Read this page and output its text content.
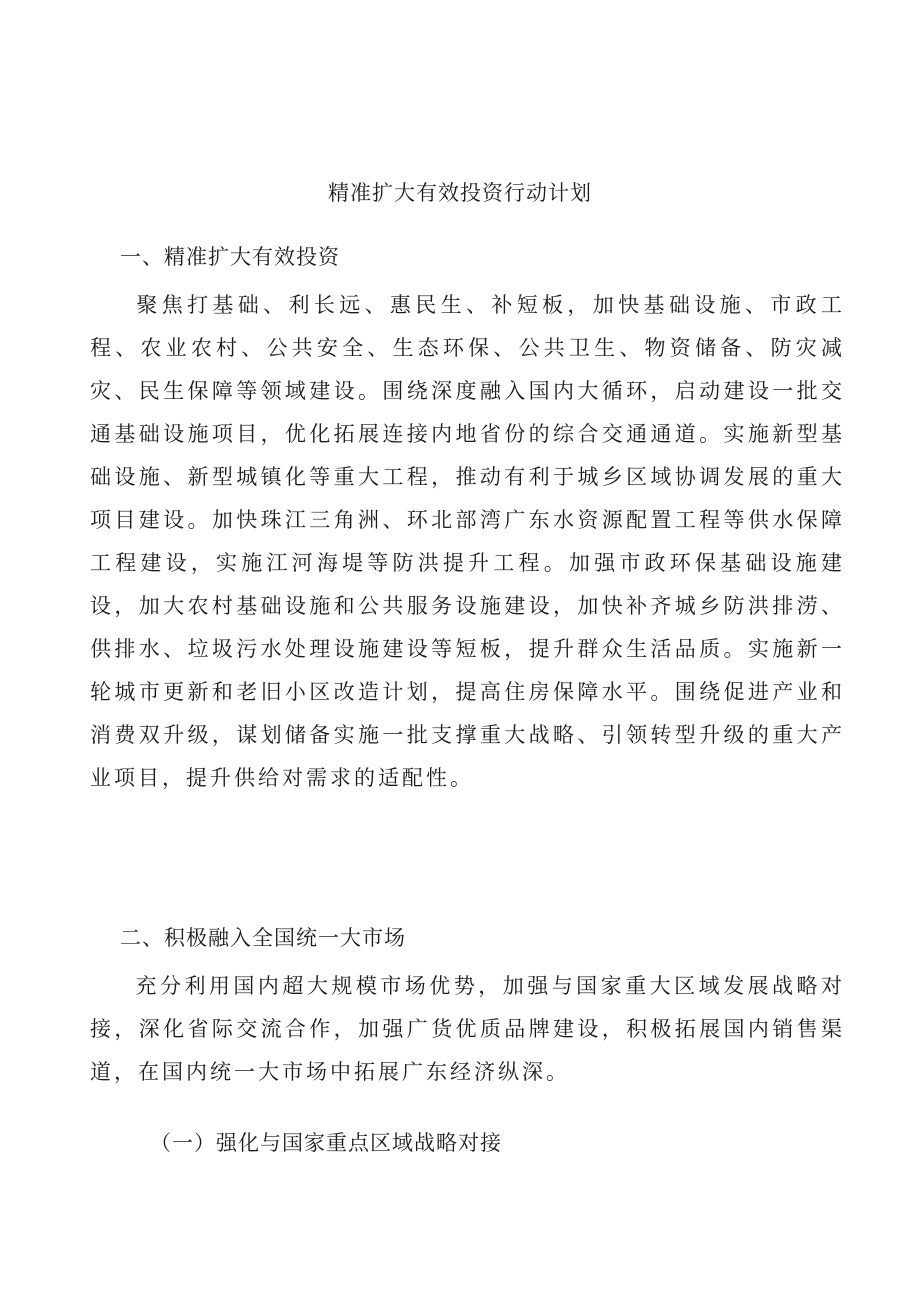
精准扩大有效投资行动计划
一、精准扩大有效投资

聚焦打基础、利长远、惠民生、补短板，加快基础设施、市政工程、农业农村、公共安全、生态环保、公共卫生、物资储备、防灾减灾、民生保障等领域建设。围绕深度融入国内大循环，启动建设一批交通基础设施项目，优化拓展连接内地省份的综合交通通道。实施新型基础设施、新型城镇化等重大工程，推动有利于城乡区域协调发展的重大项目建设。加快珠江三角洲、环北部湾广东水资源配置工程等供水保障工程建设，实施江河海堤等防洪提升工程。加强市政环保基础设施建设，加大农村基础设施和公共服务设施建设，加快补齐城乡防洪排涝、供排水、垃圾污水处理设施建设等短板，提升群众生活品质。实施新一轮城市更新和老旧小区改造计划，提高住房保障水平。围绕促进产业和消费双升级，谋划储备实施一批支撑重大战略、引领转型升级的重大产业项目，提升供给对需求的适配性。

二、积极融入全国统一大市场

充分利用国内超大规模市场优势，加强与国家重大区域发展战略对接，深化省际交流合作，加强广货优质品牌建设，积极拓展国内销售渠道，在国内统一大市场中拓展广东经济纵深。

（一）强化与国家重点区域战略对接
